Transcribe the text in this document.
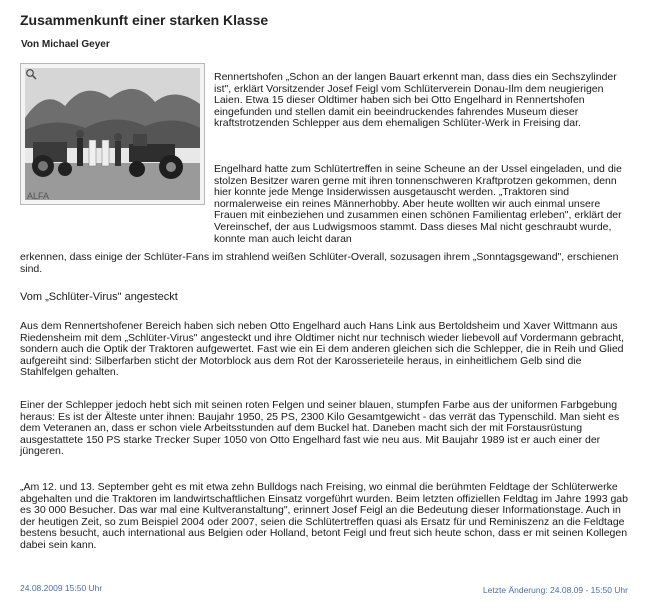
Zusammenkunft einer starken Klasse
Von Michael Geyer
ALFA

Rennertshofen „Schon an der langen Bauart erkennt man, dass dies ein Sechszylinder ist", erklärt Vorsitzender Josef Feigl vom Schlüterverein Donau-Ilm dem neugierigen Laien. Etwa 15 dieser Oldtimer haben sich bei Otto Engelhard in Rennertshofen eingefunden und stellen damit ein beeindruckendes fahrendes Museum dieser kraftstrotzenden Schlepper aus dem ehemaligen Schlüter-Werk in Freising dar.

Engelhard hatte zum Schlütertreffen in seine Scheune an der Ussel eingeladen, und die stolzen Besitzer waren gerne mit ihren tonnenschweren Kraftprotzen gekommen, denn hier konnte jede Menge Insiderwissen ausgetauscht werden. „Traktoren sind normalerweise ein reines Männerhobby. Aber heute wollten wir auch einmal unsere Frauen mit einbeziehen und zusammen einen schönen Familientag erleben", erklärt der Vereinschef, der aus Ludwigsmoos stammt. Dass dieses Mal nicht geschraubt wurde, konnte man auch leicht daran

erkennen, dass einige der Schlüter-Fans im strahlend weißen Schlüter-Overall, sozusagen ihrem „Sonntagsgewand", erschienen sind.

Vom „Schlüter-Virus" angesteckt

Aus dem Rennertshofener Bereich haben sich neben Otto Engelhard auch Hans Link aus Bertoldsheim und Xaver Wittmann aus Riedensheim mit dem „Schlüter-Virus" angesteckt und ihre Oldtimer nicht nur technisch wieder liebevoll auf Vordermann gebracht, sondern auch die Optik der Traktoren aufgewertet. Fast wie ein Ei dem anderen gleichen sich die Schlepper, die in Reih und Glied aufgereiht sind: Silberfarben sticht der Motorblock aus dem Rot der Karosserieteile heraus, in einheitlichem Gelb sind die Stahlfelgen gehalten.

Einer der Schlepper jedoch hebt sich mit seinen roten Felgen und seiner blauen, stumpfen Farbe aus der uniformen Farbgebung heraus: Es ist der Älteste unter ihnen: Baujahr 1950, 25 PS, 2300 Kilo Gesamtgewicht - das verrät das Typenschild. Man sieht es dem Veteranen an, dass er schon viele Arbeitsstunden auf dem Buckel hat. Daneben macht sich der mit Forstausrüstung ausgestattete 150 PS starke Trecker Super 1050 von Otto Engelhard fast wie neu aus. Mit Baujahr 1989 ist er auch einer der jüngeren.

„Am 12. und 13. September geht es mit etwa zehn Bulldogs nach Freising, wo einmal die berühmten Feldtage der Schlüterwerke abgehalten und die Traktoren im landwirtschaftlichen Einsatz vorgeführt wurden. Beim letzten offiziellen Feldtag im Jahre 1993 gab es 30 000 Besucher. Das war mal eine Kultveranstaltung", erinnert Josef Feigl an die Bedeutung dieser Informationstage. Auch in der heutigen Zeit, so zum Beispiel 2004 oder 2007, seien die Schlütertreffen quasi als Ersatz für und Reminiszenz an die Feldtage bestens besucht, auch international aus Belgien oder Holland, betont Feigl und freut sich heute schon, dass er mit seinen Kollegen dabei sein kann.

24.08.2009 15:50 Uhr	Letzte Änderung: 24.08.09 - 15:50 Uhr
